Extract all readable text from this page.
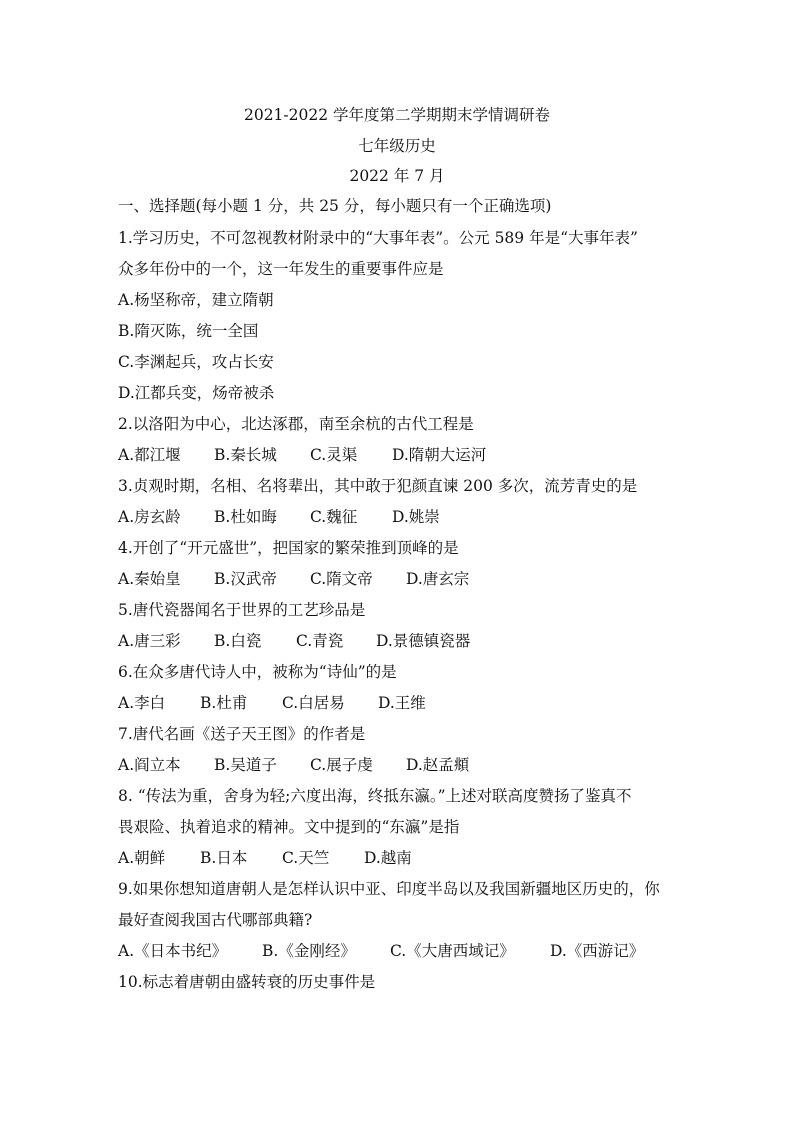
2021-2022 学年度第二学期期末学情调研卷
七年级历史
2022 年 7 月
一、选择题(每小题 1 分，共 25 分，每小题只有一个正确选项)
1.学习历史，不可忽视教材附录中的“大事年表”。公元 589 年是“大事年表”
众多年份中的一个，这一年发生的重要事件应是
A.杨坚称帝，建立隋朝
B.隋灭陈，统一全国
C.李渊起兵，攻占长安
D.江都兵变，炀帝被杀
2.以洛阳为中心，北达涿郡，南至余杭的古代工程是
A.都江堰 B.秦长城 C.灵渠 D.隋朝大运河
3.贞观时期，名相、名将辈出，其中敢于犯颜直谏 200 多次，流芳青史的是
A.房玄龄 B.杜如晦 C.魏征 D.姚崇
4.开创了“开元盛世”，把国家的繁荣推到顶峰的是
A.秦始皇 B.汉武帝 C.隋文帝 D.唐玄宗
5.唐代瓷器闻名于世界的工艺珍品是
A.唐三彩 B.白瓷 C.青瓷 D.景德镇瓷器
6.在众多唐代诗人中，被称为“诗仙”的是
A.李白 B.杜甫 C.白居易 D.王维
7.唐代名画《送子天王图》的作者是
A.阎立本 B.吴道子 C.展子虔 D.赵孟頫
8. “传法为重，舍身为轻;六度出海，终抵东瀛。”上述对联高度赞扬了鉴真不
畏艰险、执着追求的精神。文中提到的“东瀛”是指
A.朝鲜 B.日本 C.天竺 D.越南
9.如果你想知道唐朝人是怎样认识中亚、印度半岛以及我国新疆地区历史的，你
最好查阅我国古代哪部典籍?
A.《日本书纪》 B.《金刚经》 C.《大唐西域记》 D.《西游记》
10.标志着唐朝由盛转衰的历史事件是
